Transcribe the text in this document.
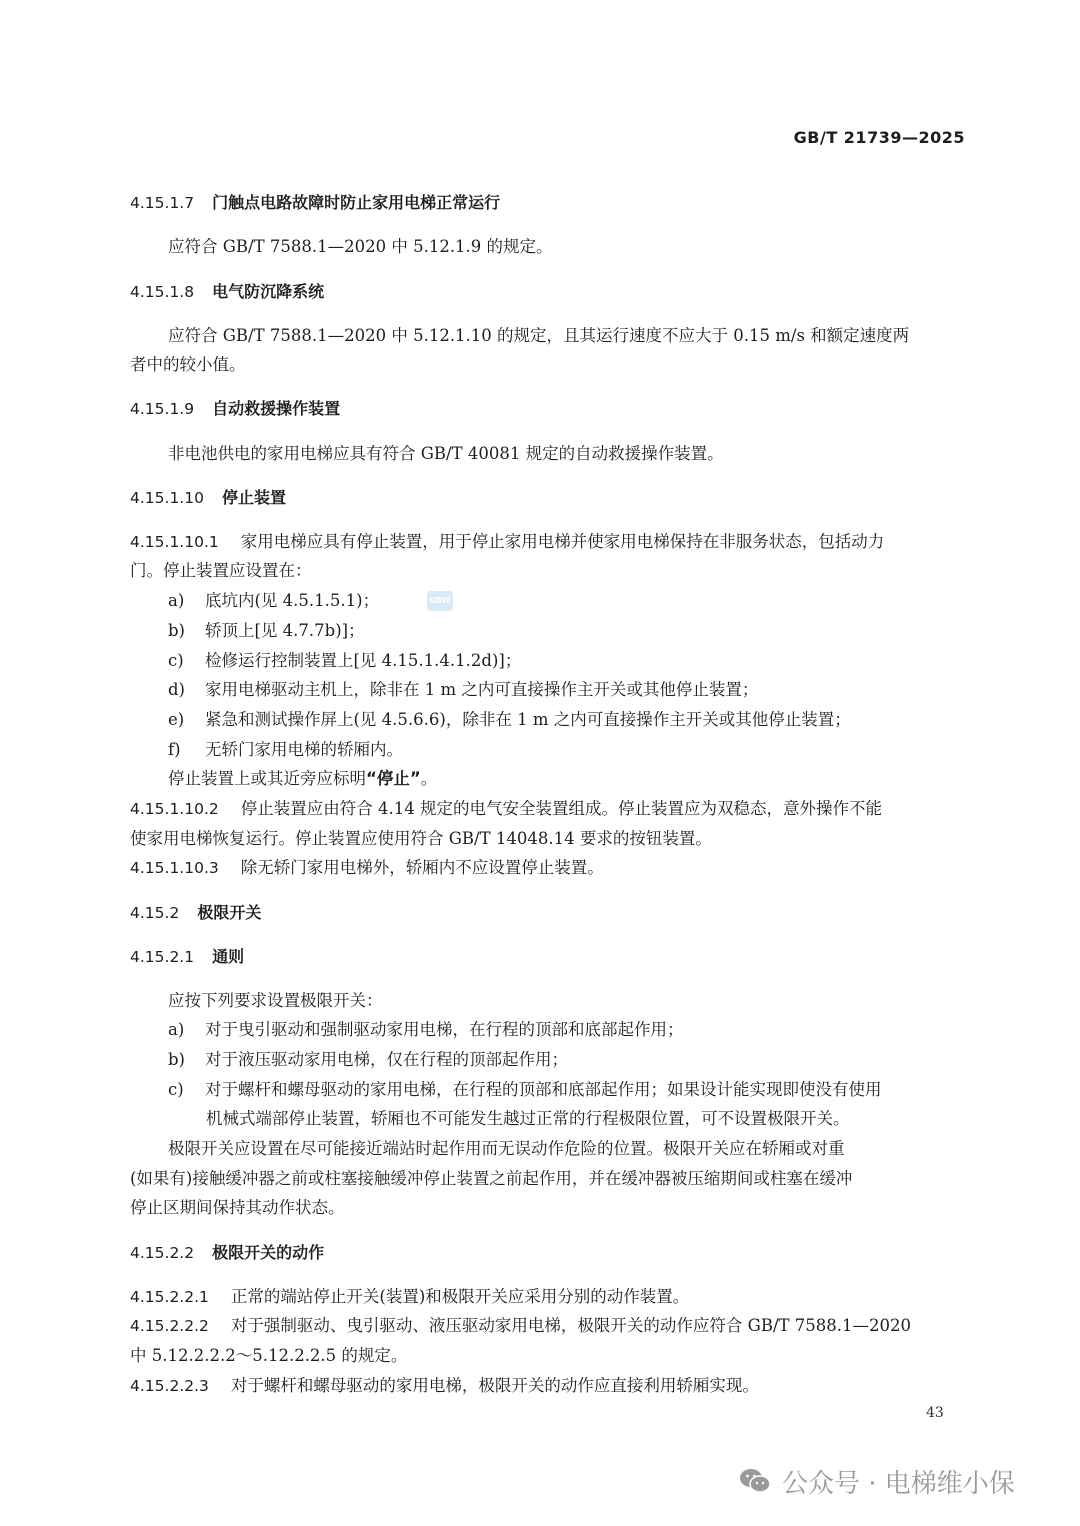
GB/T 21739—2025
4.15.1.7 门触点电路故障时防止家用电梯正常运行
应符合 GB/T 7588.1—2020 中 5.12.1.9 的规定。
4.15.1.8 电气防沉降系统
应符合 GB/T 7588.1—2020 中 5.12.1.10 的规定，且其运行速度不应大于 0.15 m/s 和额定速度两
者中的较小值。
4.15.1.9 自动救援操作装置
非电池供电的家用电梯应具有符合 GB/T 40081 规定的自动救援操作装置。
4.15.1.10 停止装置
4.15.1.10.1 家用电梯应具有停止装置，用于停止家用电梯并使家用电梯保持在非服务状态，包括动力
门。停止装置应设置在：
a) 底坑内(见 4.5.1.5.1)；	GBW
b) 轿顶上[见 4.7.7b)]；
c) 检修运行控制装置上[见 4.15.1.4.1.2d)]；
d) 家用电梯驱动主机上，除非在 1 m 之内可直接操作主开关或其他停止装置；
e) 紧急和测试操作屏上(见 4.5.6.6)，除非在 1 m 之内可直接操作主开关或其他停止装置；
f) 无轿门家用电梯的轿厢内。
停止装置上或其近旁应标明“停止”。
4.15.1.10.2 停止装置应由符合 4.14 规定的电气安全装置组成。停止装置应为双稳态，意外操作不能
使家用电梯恢复运行。停止装置应使用符合 GB/T 14048.14 要求的按钮装置。
4.15.1.10.3 除无轿门家用电梯外，轿厢内不应设置停止装置。
4.15.2 极限开关
4.15.2.1 通则
应按下列要求设置极限开关：
a) 对于曳引驱动和强制驱动家用电梯，在行程的顶部和底部起作用；
b) 对于液压驱动家用电梯，仅在行程的顶部起作用；
c) 对于螺杆和螺母驱动的家用电梯，在行程的顶部和底部起作用；如果设计能实现即使没有使用
机械式端部停止装置，轿厢也不可能发生越过正常的行程极限位置，可不设置极限开关。
极限开关应设置在尽可能接近端站时起作用而无误动作危险的位置。极限开关应在轿厢或对重
(如果有)接触缓冲器之前或柱塞接触缓冲停止装置之前起作用，并在缓冲器被压缩期间或柱塞在缓冲
停止区期间保持其动作状态。
4.15.2.2 极限开关的动作
4.15.2.2.1 正常的端站停止开关(装置)和极限开关应采用分别的动作装置。
4.15.2.2.2 对于强制驱动、曳引驱动、液压驱动家用电梯，极限开关的动作应符合 GB/T 7588.1—2020
中 5.12.2.2.2～5.12.2.2.5 的规定。
4.15.2.2.3 对于螺杆和螺母驱动的家用电梯，极限开关的动作应直接利用轿厢实现。
43
公众号 · 电梯维小保
